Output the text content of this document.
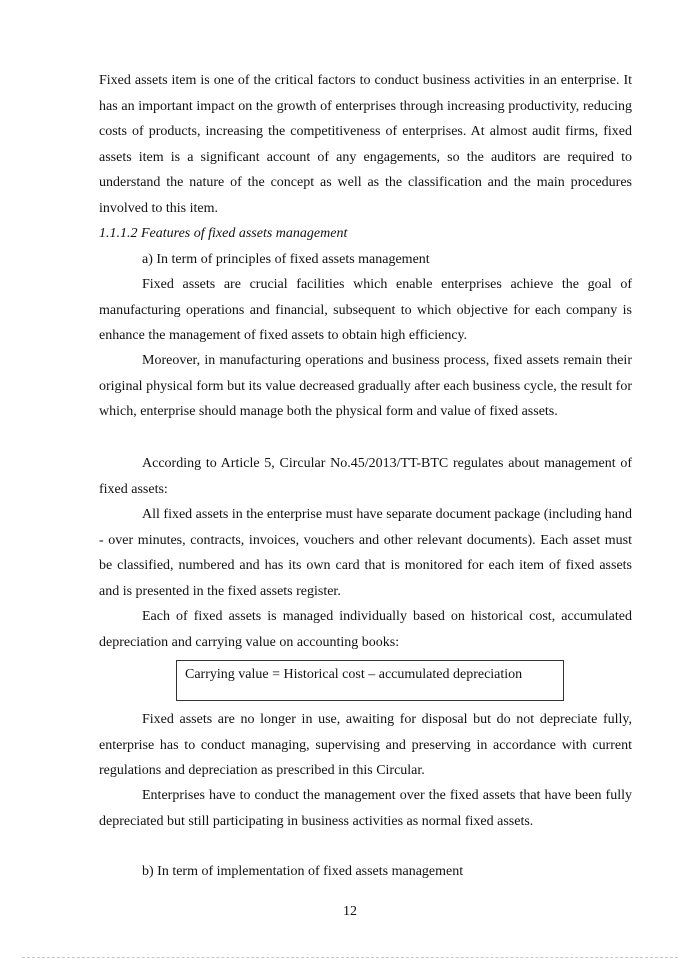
Fixed assets item is one of the critical factors to conduct business activities in an enterprise. It has an important impact on the growth of enterprises through increasing productivity, reducing costs of products, increasing the competitiveness of enterprises. At almost audit firms, fixed assets item is a significant account of any engagements, so the auditors are required to understand the nature of the concept as well as the classification and the main procedures involved to this item.

1.1.1.2 Features of fixed assets management

a) In term of principles of fixed assets management

Fixed assets are crucial facilities which enable enterprises achieve the goal of manufacturing operations and financial, subsequent to which objective for each company is enhance the management of fixed assets to obtain high efficiency.

Moreover, in manufacturing operations and business process, fixed assets remain their original physical form but its value decreased gradually after each business cycle, the result for which, enterprise should manage both the physical form and value of fixed assets.

According to Article 5, Circular No.45/2013/TT-BTC regulates about management of fixed assets:

All fixed assets in the enterprise must have separate document package (including hand - over minutes, contracts, invoices, vouchers and other relevant documents). Each asset must be classified, numbered and has its own card that is monitored for each item of fixed assets and is presented in the fixed assets register.

Each of fixed assets is managed individually based on historical cost, accumulated depreciation and carrying value on accounting books:

Carrying value = Historical cost – accumulated depreciation

Fixed assets are no longer in use, awaiting for disposal but do not depreciate fully, enterprise has to conduct managing, supervising and preserving in accordance with current regulations and depreciation as prescribed in this Circular.

Enterprises have to conduct the management over the fixed assets that have been fully depreciated but still participating in business activities as normal fixed assets.

b) In term of implementation of fixed assets management

12
